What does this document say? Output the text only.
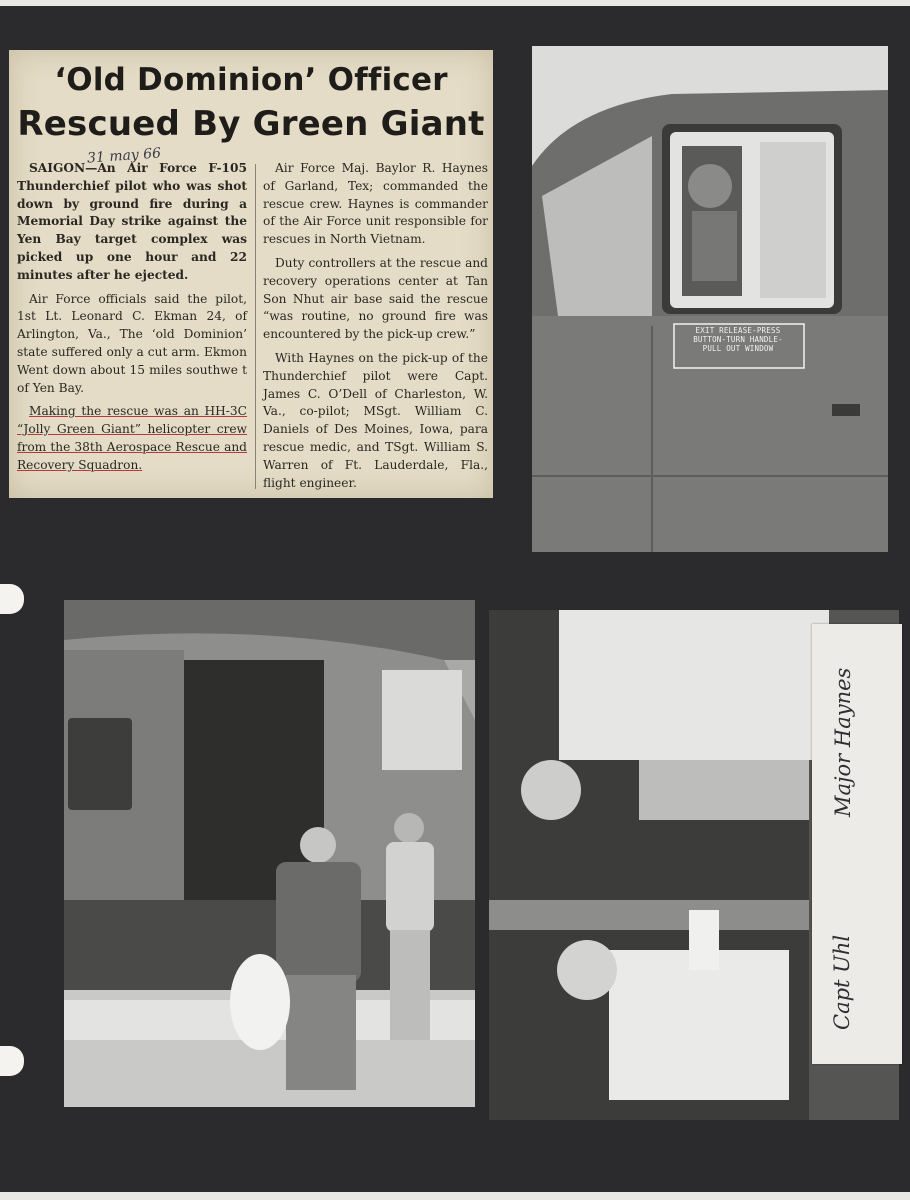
‘Old Dominion’ Officer
Rescued By Green Giant
31 may 66

SAIGON—An Air Force F-105 Thunderchief pilot who was shot down by ground fire during a Memorial Day strike against the Yen Bay target complex was picked up one hour and 22 minutes after he ejected.

Air Force officials said the pilot, 1st Lt. Leonard C. Ekman 24, of Arlington, Va., The ‘old Dominion’ state suffered only a cut arm. Ekmon Went down about 15 miles southwe t of Yen Bay.

Making the rescue was an HH-3C “Jolly Green Giant” helicopter crew from the 38th Aerospace Rescue and Recovery Squadron.

Air Force Maj. Baylor R. Haynes of Garland, Tex; commanded the rescue crew. Haynes is commander of the Air Force unit responsible for rescues in North Vietnam.

Duty controllers at the rescue and recovery operations center at Tan Son Nhut air base said the rescue “was routine, no ground fire was encountered by the pick-up crew.”

With Haynes on the pick-up of the Thunderchief pilot were Capt. James C. O’Dell of Charleston, W. Va., co-pilot; MSgt. William C. Daniels of Des Moines, Iowa, para rescue medic, and TSgt. William S. Warren of Ft. Lauderdale, Fla., flight engineer.

EXIT RELEASE-PRESS
BUTTON-TURN HANDLE-
PULL OUT WINDOW
Major Haynes
Capt Uhl
